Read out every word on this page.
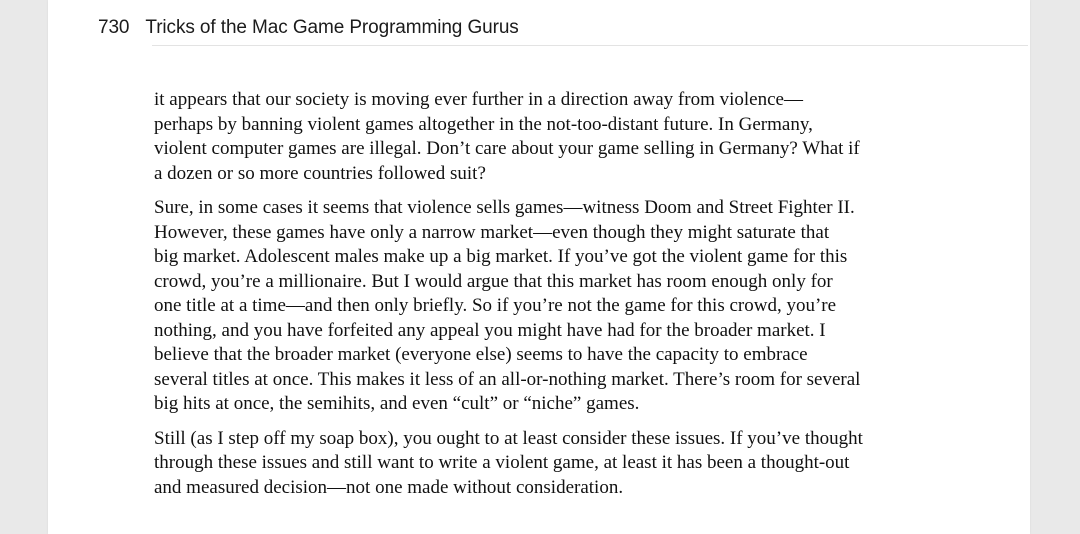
730 Tricks of the Mac Game Programming Gurus

it appears that our society is moving ever further in a direction away from violence—
perhaps by banning violent games altogether in the not-too-distant future. In Germany,
violent computer games are illegal. Don’t care about your game selling in Germany? What if
a dozen or so more countries followed suit?

Sure, in some cases it seems that violence sells games—witness Doom and Street Fighter II.
However, these games have only a narrow market—even though they might saturate that
big market. Adolescent males make up a big market. If you’ve got the violent game for this
crowd, you’re a millionaire. But I would argue that this market has room enough only for
one title at a time—and then only briefly. So if you’re not the game for this crowd, you’re
nothing, and you have forfeited any appeal you might have had for the broader market. I
believe that the broader market (everyone else) seems to have the capacity to embrace
several titles at once. This makes it less of an all-or-nothing market. There’s room for several
big hits at once, the semihits, and even “cult” or “niche” games.

Still (as I step off my soap box), you ought to at least consider these issues. If you’ve thought
through these issues and still want to write a violent game, at least it has been a thought-out
and measured decision—not one made without consideration.
